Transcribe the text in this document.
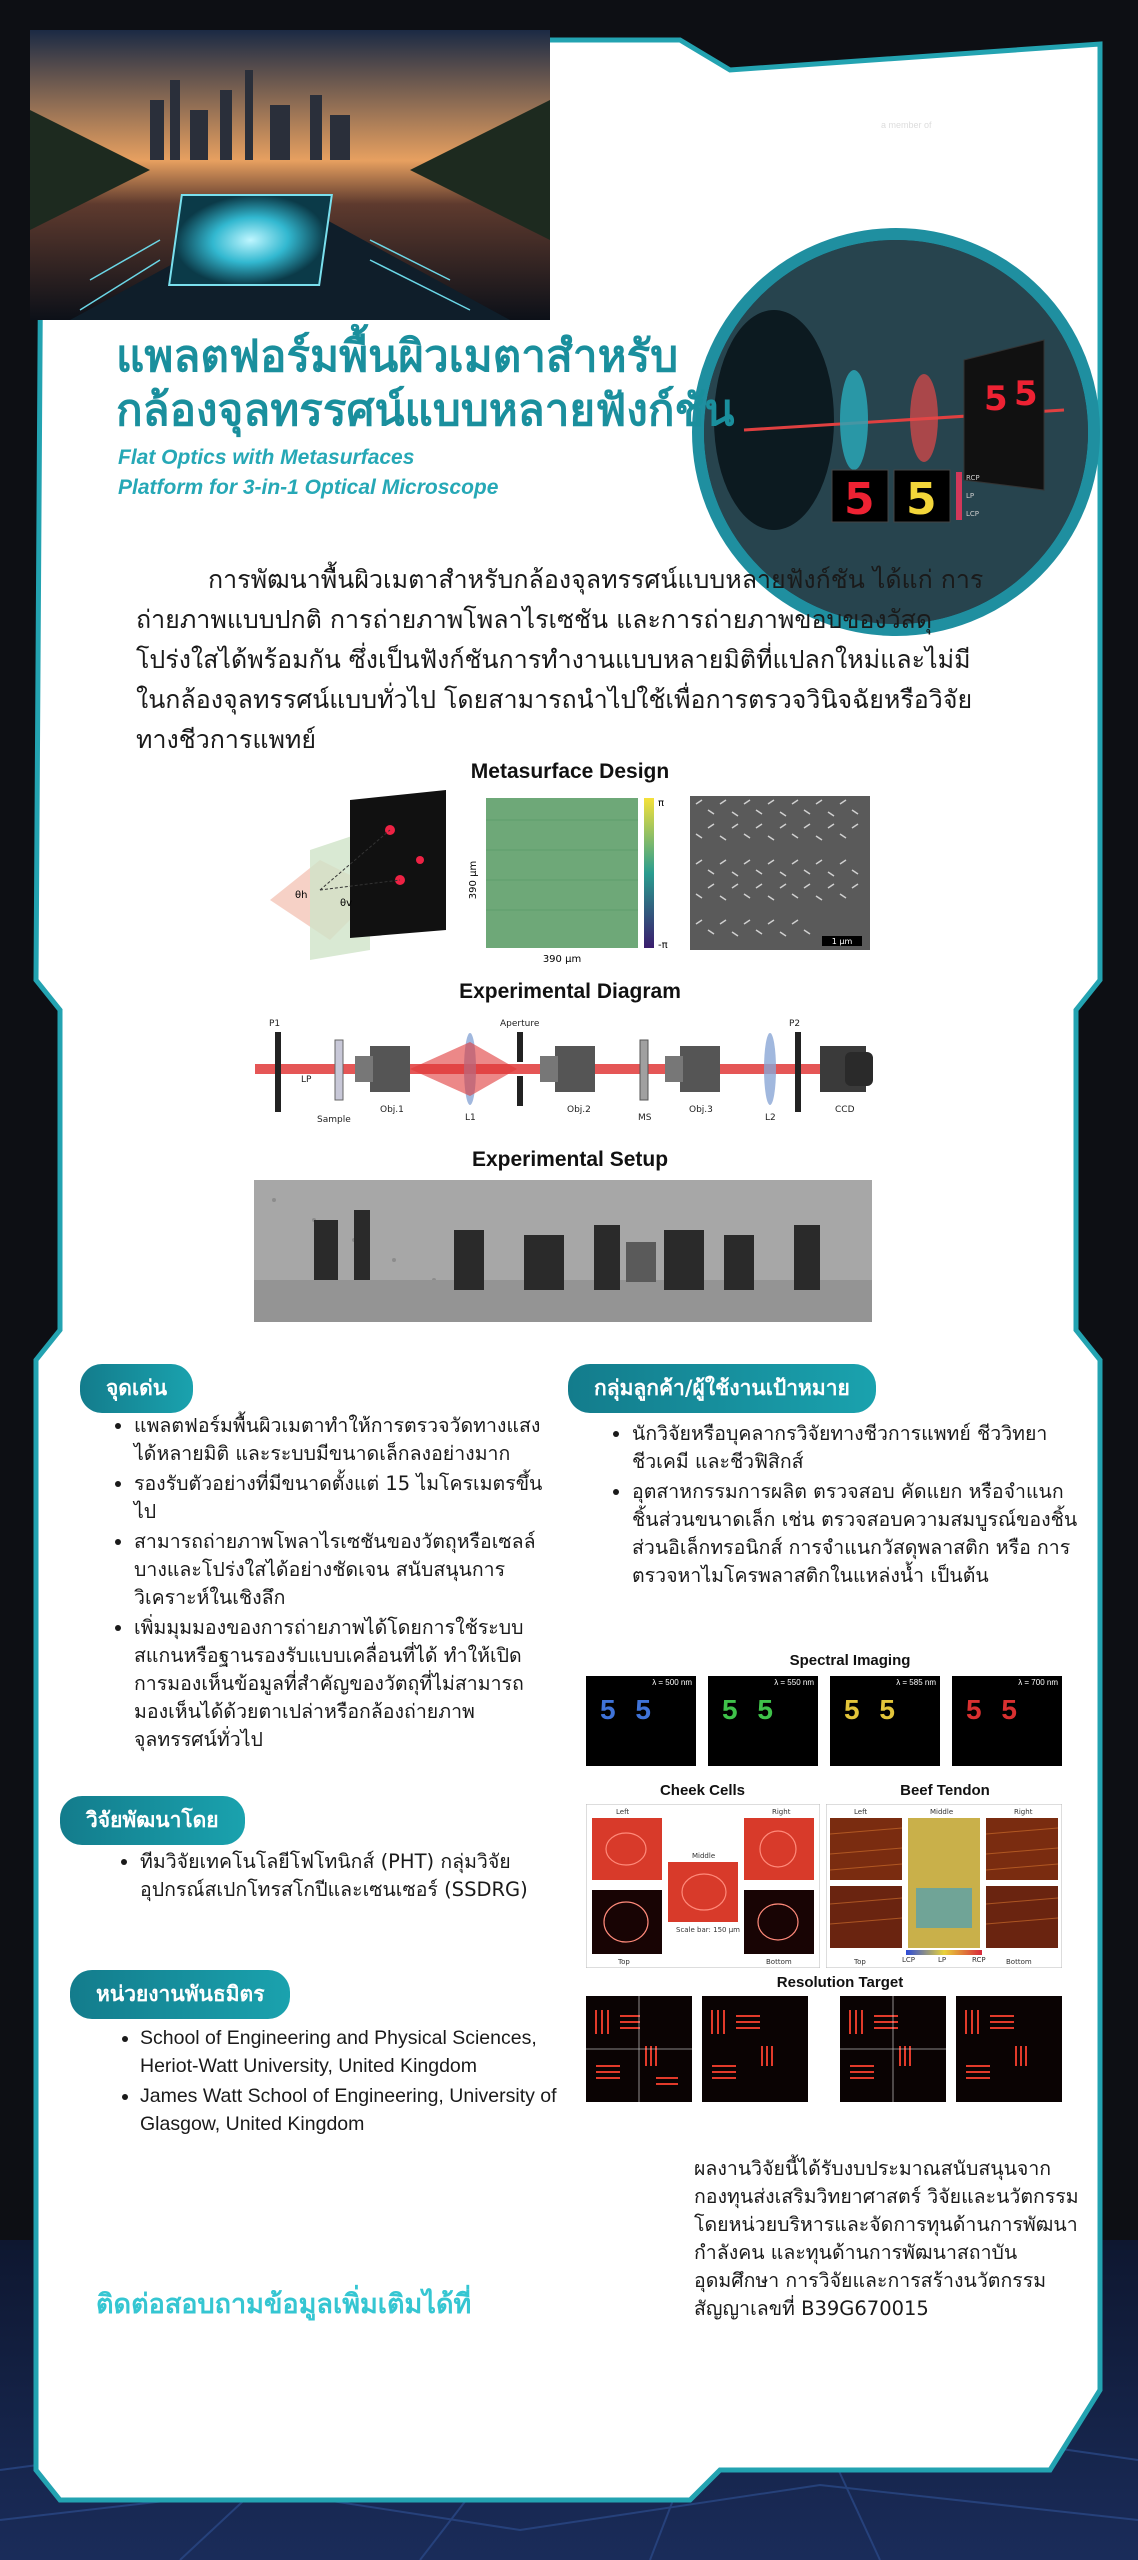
NECTEC
a member of NSTDA
5 5
5 5	RCP
LP
LCP
แพลตฟอร์มพื้นผิวเมตาสำหรับ
กล้องจุลทรรศน์แบบหลายฟังก์ชัน
Flat Optics with Metasurfaces
Platform for 3-in-1 Optical Microscope
การพัฒนาพื้นผิวเมตาสำหรับกล้องจุลทรรศน์แบบหลายฟังก์ชัน ได้แก่ การถ่ายภาพแบบปกติ การถ่ายภาพโพลาไรเซชัน และการถ่ายภาพขอบของวัสดุโปร่งใสได้พร้อมกัน ซึ่งเป็นฟังก์ชันการทำงานแบบหลายมิติที่แปลกใหม่และไม่มีในกล้องจุลทรรศน์แบบทั่วไป โดยสามารถนำไปใช้เพื่อการตรวจวินิจฉัยหรือวิจัยทางชีวการแพทย์
Metasurface Design
θh
θv
390 μm
390 μm
π
-π	1 μm
Experimental Diagram
P1
LP
Sample
Obj.1
L1
Aperture
Obj.2
MS
Obj.3
L2
P2
CCD
Experimental Setup
จุดเด่น
• แพลตฟอร์มพื้นผิวเมตาทำให้การตรวจวัดทางแสงได้หลายมิติ และระบบมีขนาดเล็กลงอย่างมาก
• รองรับตัวอย่างที่มีขนาดตั้งแต่ 15 ไมโครเมตรขึ้นไป
• สามารถถ่ายภาพโพลาไรเซชันของวัตถุหรือเซลล์บางและโปร่งใสได้อย่างชัดเจน สนับสนุนการวิเคราะห์ในเชิงลึก
• เพิ่มมุมมองของการถ่ายภาพได้โดยการใช้ระบบสแกนหรือฐานรองรับแบบเคลื่อนที่ได้ ทำให้เปิดการมองเห็นข้อมูลที่สำคัญของวัตถุที่ไม่สามารถมองเห็นได้ด้วยตาเปล่าหรือกล้องถ่ายภาพจุลทรรศน์ทั่วไป
วิจัยพัฒนาโดย
• ทีมวิจัยเทคโนโลยีโฟโทนิกส์ (PHT) กลุ่มวิจัยอุปกรณ์สเปกโทรสโกปีและเซนเซอร์ (SSDRG)
หน่วยงานพันธมิตร
• School of Engineering and Physical Sciences, Heriot-Watt University, United Kingdom
• James Watt School of Engineering, University of Glasgow, United Kingdom
กลุ่มลูกค้า/ผู้ใช้งานเป้าหมาย
• นักวิจัยหรือบุคลากรวิจัยทางชีวการแพทย์ ชีววิทยา ชีวเคมี และชีวฟิสิกส์
• อุตสาหกรรมการผลิต ตรวจสอบ คัดแยก หรือจำแนกชิ้นส่วนขนาดเล็ก เช่น ตรวจสอบความสมบูรณ์ของชิ้นส่วนอิเล็กทรอนิกส์ การจำแนกวัสดุพลาสติก หรือ การตรวจหาไมโครพลาสติกในแหล่งน้ำ เป็นต้น
Spectral Imaging
λ = 500 nm
5 5
λ = 550 nm
5 5
λ = 585 nm
5 5
λ = 700 nm
5 5
Cheek Cells
Left
Middle
Right
Top	Bottom
Scale bar: 150 μm
Beef Tendon
Left	Middle	Right
Top	Bottom
LCP	LP	RCP
Resolution Target
ผลงานวิจัยนี้ได้รับงบประมาณสนับสนุนจากกองทุนส่งเสริมวิทยาศาสตร์ วิจัยและนวัตกรรม โดยหน่วยบริหารและจัดการทุนด้านการพัฒนากำลังคน และทุนด้านการพัฒนาสถาบันอุดมศึกษา การวิจัยและการสร้างนวัตกรรม สัญญาเลขที่ B39G670015
ติดต่อสอบถามข้อมูลเพิ่มเติมได้ที่
ฝ่ายพัฒนาเครือข่ายเชิงกลยุทธ์และประเมินผล (SPE)
ศูนย์เทคโนโลยีอิเล็กทรอนิกส์และคอมพิวเตอร์แห่งชาติ
Tel: 0 2564 6900
E-mail: business@nectec.or.th
Website: www.nectec.or.th
